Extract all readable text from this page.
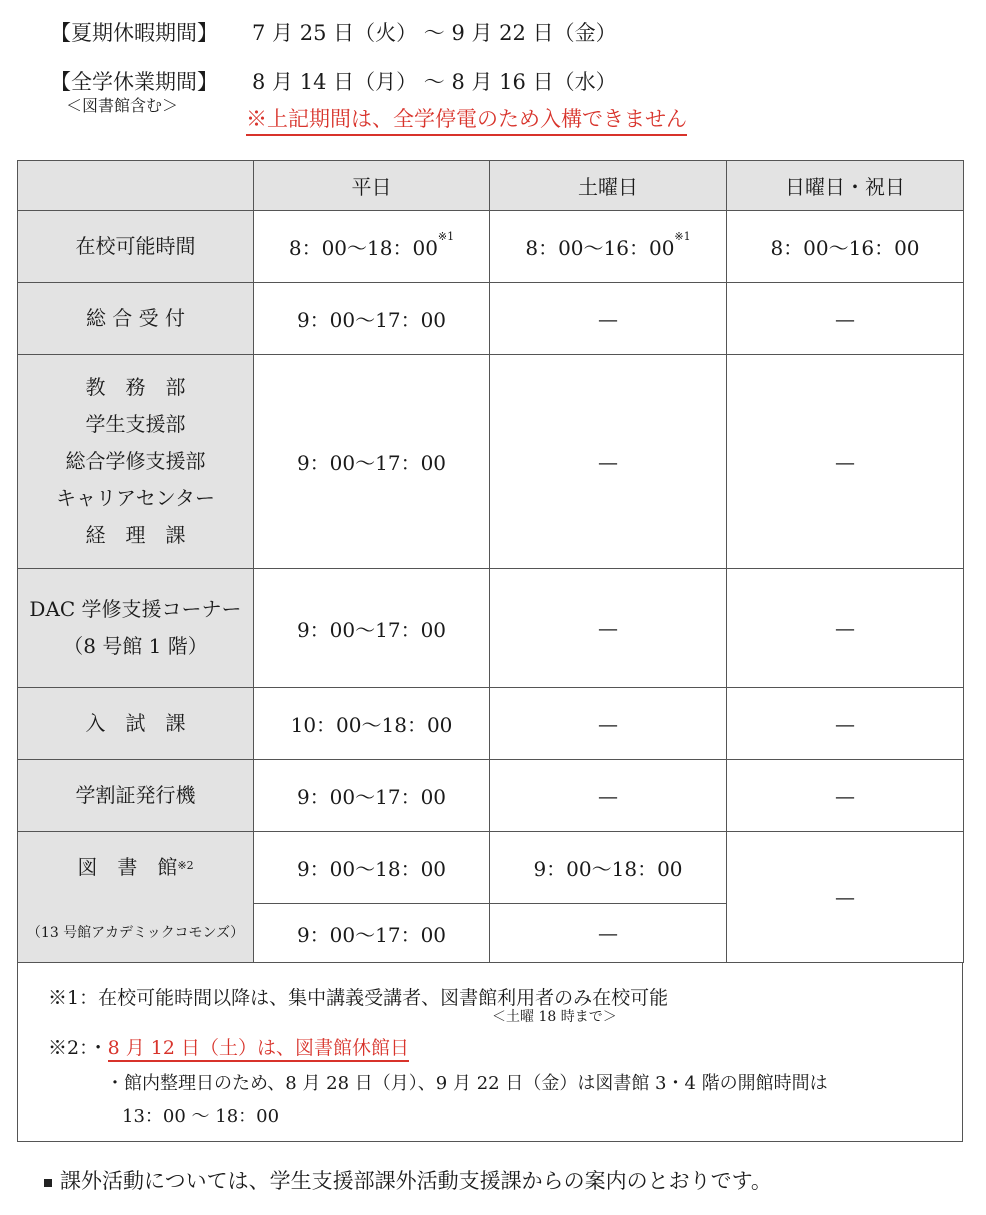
【夏期休暇期間】 7 月 25 日（火） 〜 9 月 22 日（金）
【全学休業期間】 8 月 14 日（月） 〜 8 月 16 日（水）
＜図書館含む＞
※上記期間は、全学停電のため入構できません
	平日	土曜日	日曜日・祝日
在校可能時間	8：00〜18：00$^{※1}$	8：00〜16：00$^{※1}$	8：00〜16：00
総 合 受 付	9：00〜17：00	—	—

教　務　部
学生支援部
総合学修支援部
キャリアセンター
経　理　課	9：00〜17：00	—	—

DAC 学修支援コーナー
（8 号館 1 階）	9：00〜17：00	—	—
入　試　課	10：00〜18：00	—	—
学割証発行機	9：00〜17：00	—	—
図　書　館$^{※2}$	9：00〜18：00	9：00〜18：00	—
（13 号館アカデミックコモンズ）	9：00〜17：00	—	
※1：在校可能時間以降は、集中講義受講者、図書館利用者のみ在校可能
＜土曜 18 時まで＞
※2：・8 月 12 日（土）は、図書館休館日
・館内整理日のため、8 月 28 日（月）、9 月 22 日（金）は図書館 3・4 階の開館時間は
13：00 〜 18：00
課外活動については、学生支援部課外活動支援課からの案内のとおりです。
